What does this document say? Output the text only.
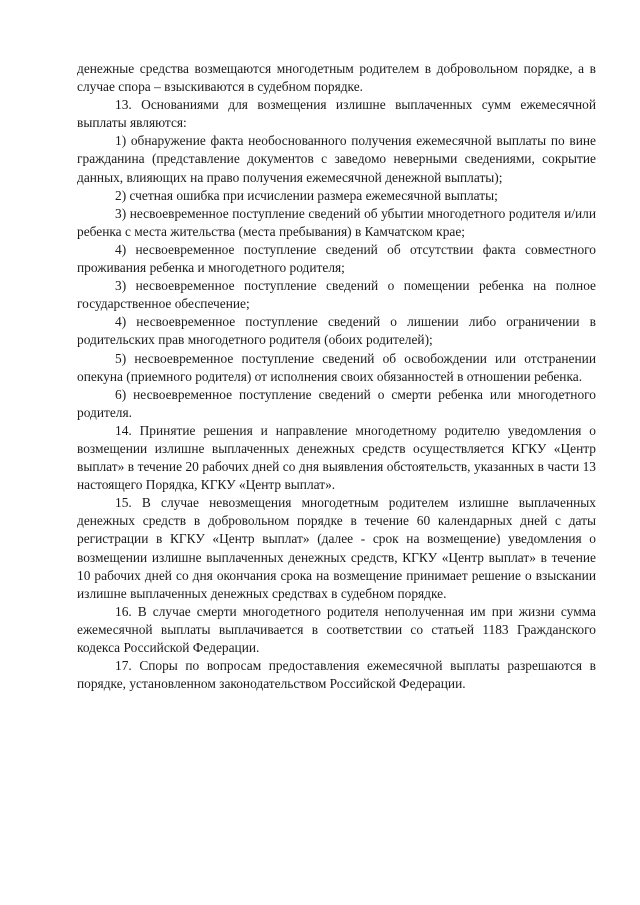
денежные средства возмещаются многодетным родителем в добровольном порядке, а в случае спора – взыскиваются в судебном порядке.

13. Основаниями для возмещения излишне выплаченных сумм ежемесячной выплаты являются:

1) обнаружение факта необоснованного получения ежемесячной выплаты по вине гражданина (представление документов с заведомо неверными сведениями, сокрытие данных, влияющих на право получения ежемесячной денежной выплаты);

2) счетная ошибка при исчислении размера ежемесячной выплаты;

3) несвоевременное поступление сведений об убытии многодетного родителя и/или ребенка с места жительства (места пребывания) в Камчатском крае;

4) несвоевременное поступление сведений об отсутствии факта совместного проживания ребенка и многодетного родителя;

3) несвоевременное поступление сведений о помещении ребенка на полное государственное обеспечение;

4) несвоевременное поступление сведений о лишении либо ограничении в родительских прав многодетного родителя (обоих родителей);

5) несвоевременное поступление сведений об освобождении или отстранении опекуна (приемного родителя) от исполнения своих обязанностей в отношении ребенка.

6) несвоевременное поступление сведений о смерти ребенка или многодетного родителя.

14. Принятие решения и направление многодетному родителю уведомления о возмещении излишне выплаченных денежных средств осуществляется КГКУ «Центр выплат» в течение 20 рабочих дней со дня выявления обстоятельств, указанных в части 13 настоящего Порядка, КГКУ «Центр выплат».

15. В случае невозмещения многодетным родителем излишне выплаченных денежных средств в добровольном порядке в течение 60 календарных дней с даты регистрации в КГКУ «Центр выплат» (далее - срок на возмещение) уведомления о возмещении излишне выплаченных денежных средств, КГКУ «Центр выплат» в течение 10 рабочих дней со дня окончания срока на возмещение принимает решение о взыскании излишне выплаченных денежных средствах в судебном порядке.

16. В случае смерти многодетного родителя неполученная им при жизни сумма ежемесячной выплаты выплачивается в соответствии со статьей 1183 Гражданского кодекса Российской Федерации.

17. Споры по вопросам предоставления ежемесячной выплаты разрешаются в порядке, установленном законодательством Российской Федерации.
